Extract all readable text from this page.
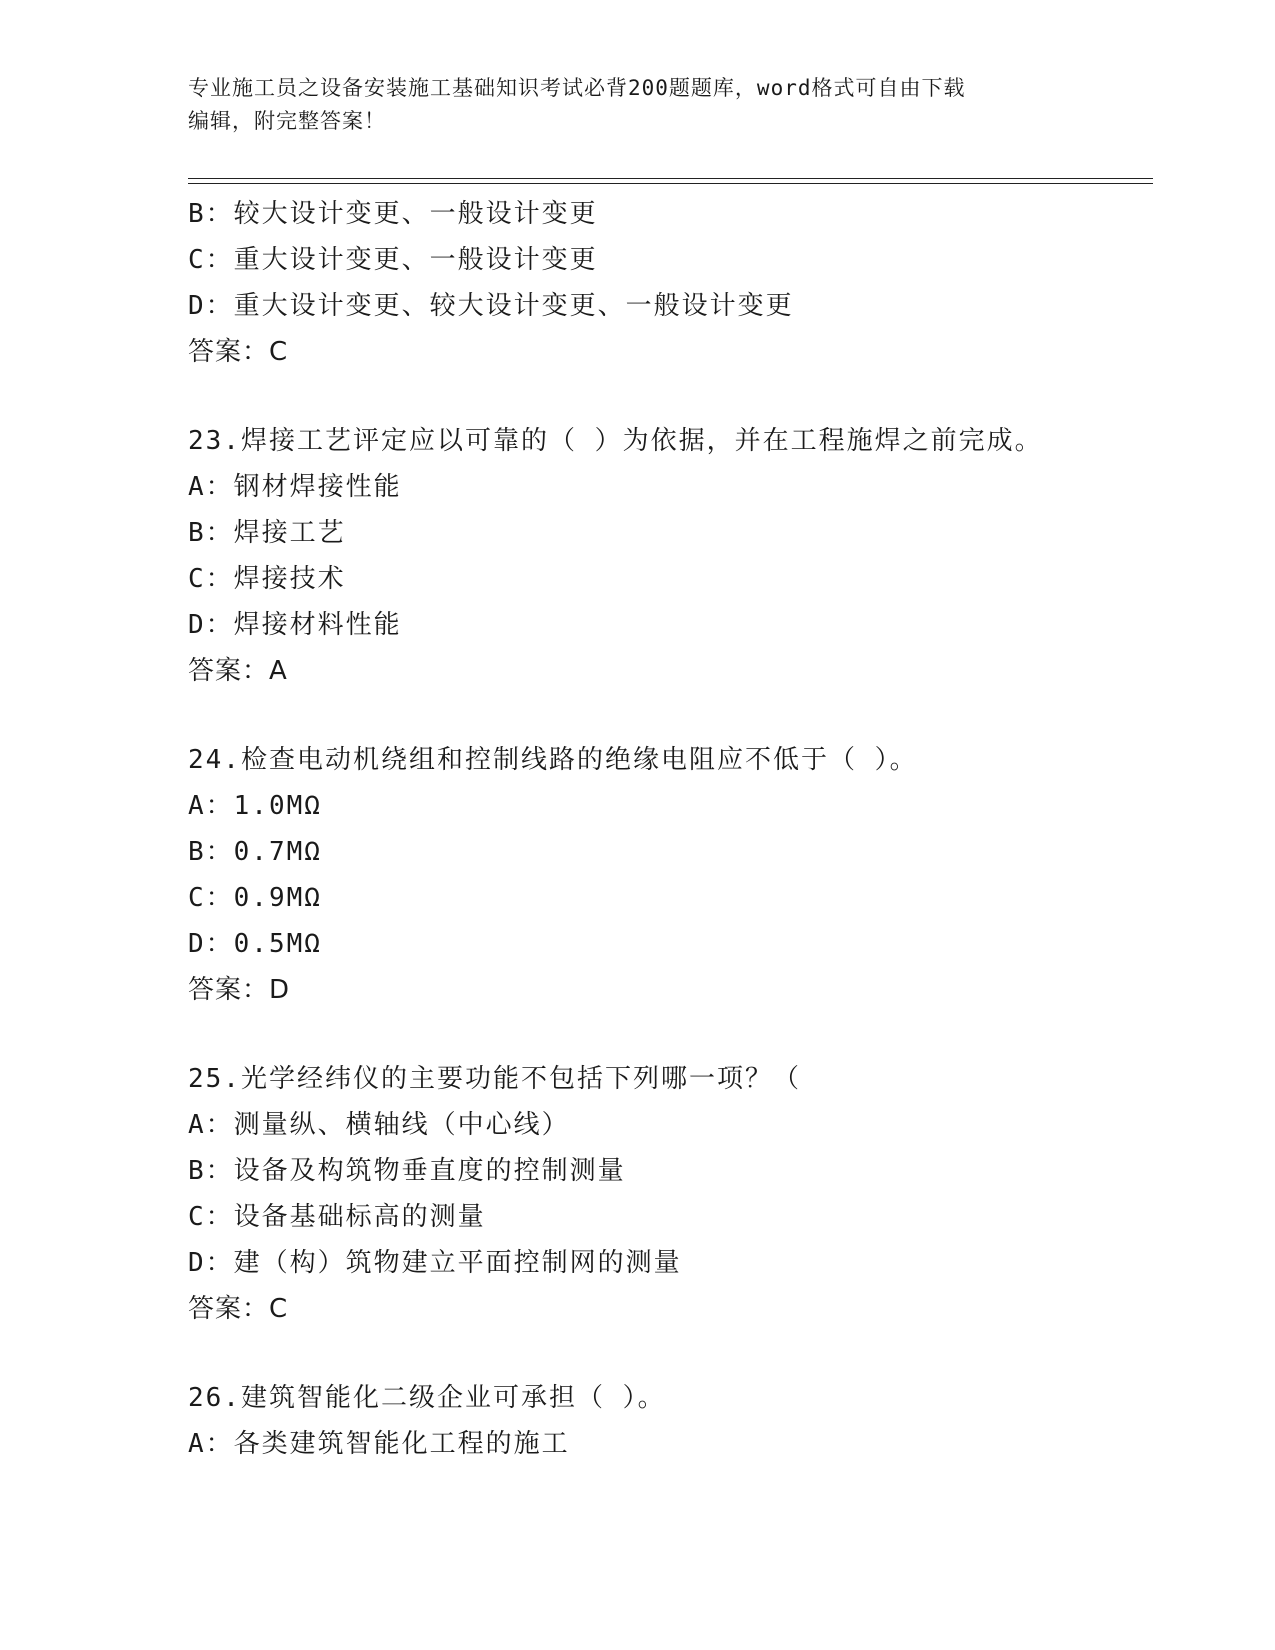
专业施工员之设备安装施工基础知识考试必背200题题库，word格式可自由下载
编辑，附完整答案！
B：较大设计变更、一般设计变更
C：重大设计变更、一般设计变更
D：重大设计变更、较大设计变更、一般设计变更
答案：C
23.焊接工艺评定应以可靠的（ ）为依据，并在工程施焊之前完成。
A：钢材焊接性能
B：焊接工艺
C：焊接技术
D：焊接材料性能
答案：A
24.检查电动机绕组和控制线路的绝缘电阻应不低于（ ）。
A：1.0MΩ
B：0.7MΩ
C：0.9MΩ
D：0.5MΩ
答案：D
25.光学经纬仪的主要功能不包括下列哪一项？（
A：测量纵、横轴线（中心线）
B：设备及构筑物垂直度的控制测量
C：设备基础标高的测量
D：建（构）筑物建立平面控制网的测量
答案：C
26.建筑智能化二级企业可承担（ ）。
A：各类建筑智能化工程的施工
